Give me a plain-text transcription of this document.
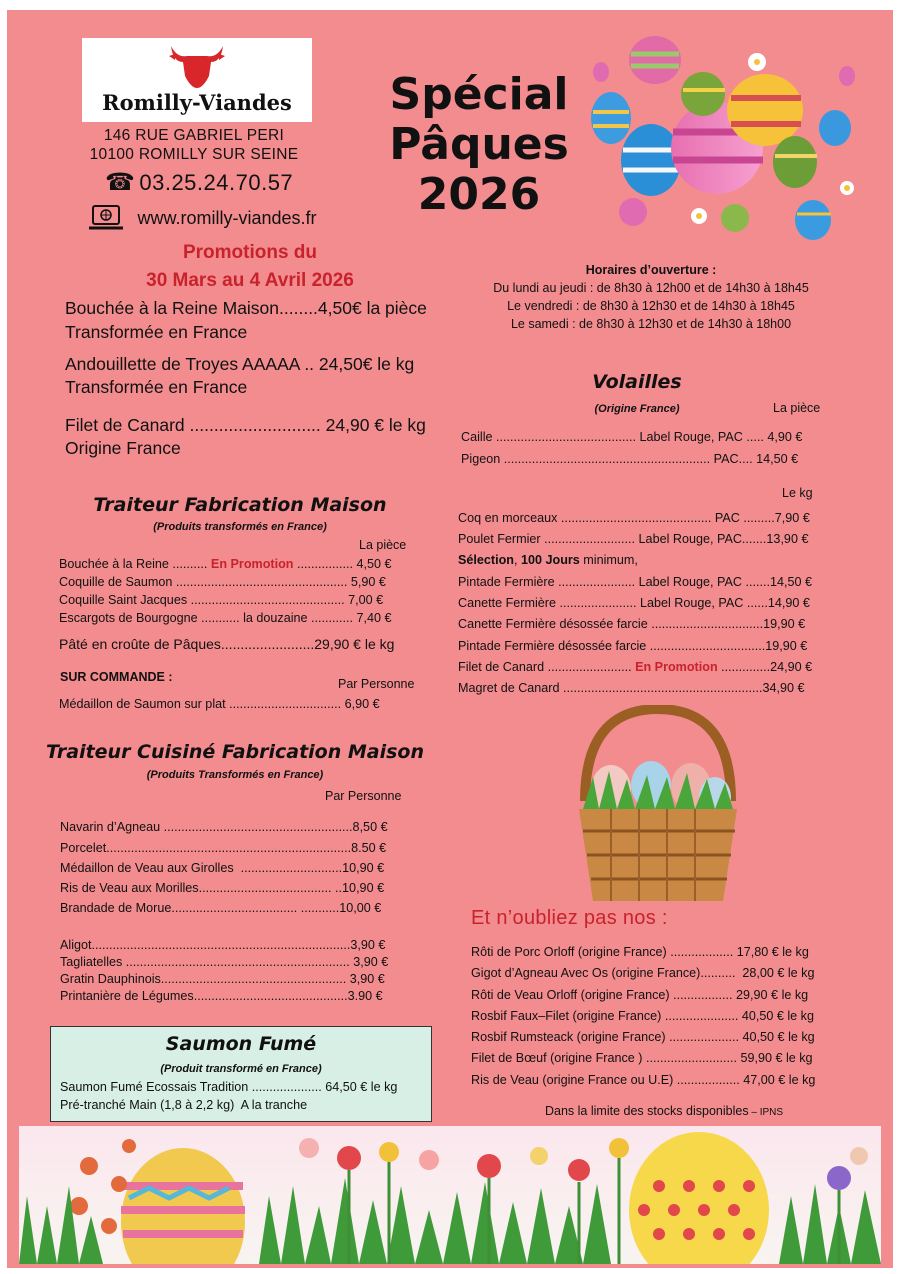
Romilly-Viandes
146 RUE GABRIEL PERI
10100 ROMILLY SUR SEINE
☎ 03.25.24.70.57
www.romilly-viandes.fr
Spécial
Pâques
2026
Promotions du
30 Mars au 4 Avril 2026
Bouchée à la Reine Maison........4,50€ la pièce
Transformée en France
Andouillette de Troyes AAAAA .. 24,50€ le kg
Transformée en France
Filet de Canard ........................... 24,90 € le kg
Origine France
Horaires d’ouverture :
Du lundi au jeudi : de 8h30 à 12h00 et de 14h30 à 18h45
Le vendredi : de 8h30 à 12h30 et de 14h30 à 18h45
Le samedi : de 8h30 à 12h30 et de 14h30 à 18h00
Traiteur Fabrication Maison
(Produits transformés en France)
La pièce
Bouchée à la Reine .......... En Promotion ................ 4,50 €
Coquille de Saumon ................................................. 5,90 €
Coquille Saint Jacques ............................................ 7,00 €
Escargots de Bourgogne ........... la douzaine ............ 7,40 €
Pâté en croûte de Pâques........................29,90 € le kg
SUR COMMANDE :	Par Personne
Médaillon de Saumon sur plat ................................ 6,90 €
Traiteur Cuisiné Fabrication Maison
(Produits Transformés en France)
Par Personne
Navarin d’Agneau ......................................................8,50 €
Porcelet......................................................................8.50 €
Médaillon de Veau aux Girolles  .............................10,90 €
Ris de Veau aux Morilles...................................... ..10,90 €
Brandade de Morue.................................... ...........10,00 €
Aligot..........................................................................3,90 €
Tagliatelles ................................................................ 3,90 €
Gratin Dauphinois..................................................... 3,90 €
Printanière de Légumes............................................3.90 €
Saumon Fumé
(Produit transformé en France)
Saumon Fumé Ecossais Tradition .................... 64,50 € le kg
Pré-tranché Main (1,8 à 2,2 kg)  A la tranche
Volailles
(Origine France)	La pièce
Caille ........................................ Label Rouge, PAC ..... 4,90 €
Pigeon ........................................................... PAC.... 14,50 €
Le kg
Coq en morceaux ........................................... PAC .........7,90 €
Poulet Fermier .......................... Label Rouge, PAC.......13,90 €
Sélection, 100 Jours minimum,
Pintade Fermière ...................... Label Rouge, PAC .......14,50 €
Canette Fermière ...................... Label Rouge, PAC ......14,90 €
Canette Fermière désossée farcie ................................19,90 €
Pintade Fermière désossée farcie .................................19,90 €
Filet de Canard ........................ En Promotion ..............24,90 €
Magret de Canard .........................................................34,90 €
Et n’oubliez pas nos :
Rôti de Porc Orloff (origine France) .................. 17,80 € le kg
Gigot d’Agneau Avec Os (origine France)..........  28,00 € le kg
Rôti de Veau Orloff (origine France) ................. 29,90 € le kg
Rosbif Faux–Filet (origine France) ..................... 40,50 € le kg
Rosbif Rumsteack (origine France) .................... 40,50 € le kg
Filet de Bœuf (origine France ) .......................... 59,90 € le kg
Ris de Veau (origine France ou U.E) .................. 47,00 € le kg
Dans la limite des stocks disponibles – IPNS
